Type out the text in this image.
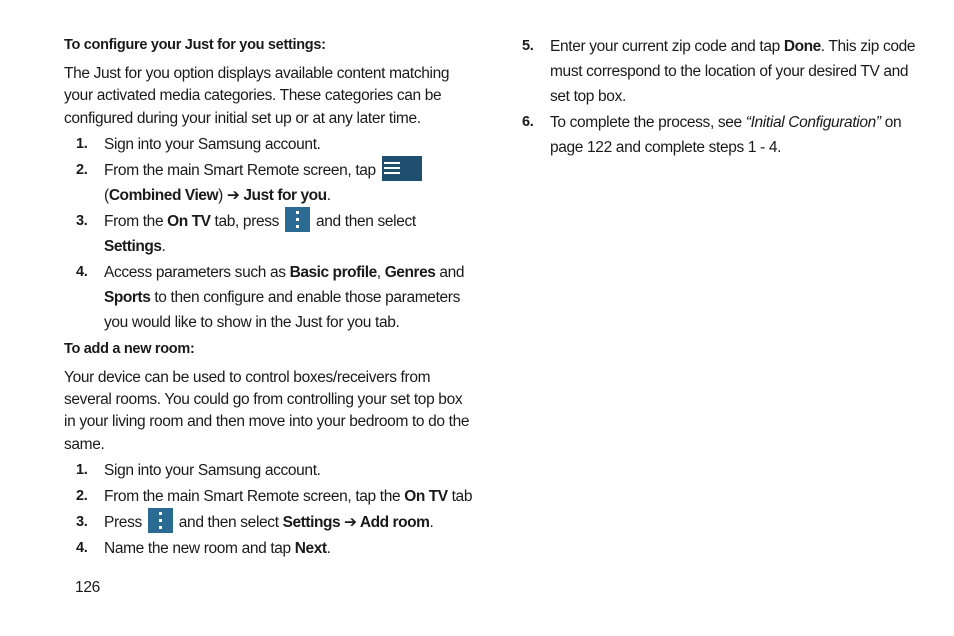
To configure your Just for you settings:
The Just for you option displays available content matching your activated media categories. These categories can be configured during your initial set up or at any later time.
1. Sign into your Samsung account.
2. From the main Smart Remote screen, tap

(Combined View) ➔ Just for you.
3. From the On TV tab, press
and then select
Settings.
4. Access parameters such as Basic profile, Genres and Sports to then configure and enable those parameters you would like to show in the Just for you tab.
To add a new room:
Your device can be used to control boxes/receivers from several rooms. You could go from controlling your set top box in your living room and then move into your bedroom to do the same.
1. Sign into your Samsung account.
2. From the main Smart Remote screen, tap the On TV tab
3. Press
and then select Settings ➔ Add room.
4. Name the new room and tap Next.
5. Enter your current zip code and tap Done. This zip code must correspond to the location of your desired TV and set top box.
6. To complete the process, see “Initial Configuration” on page 122 and complete steps 1 - 4.
126
